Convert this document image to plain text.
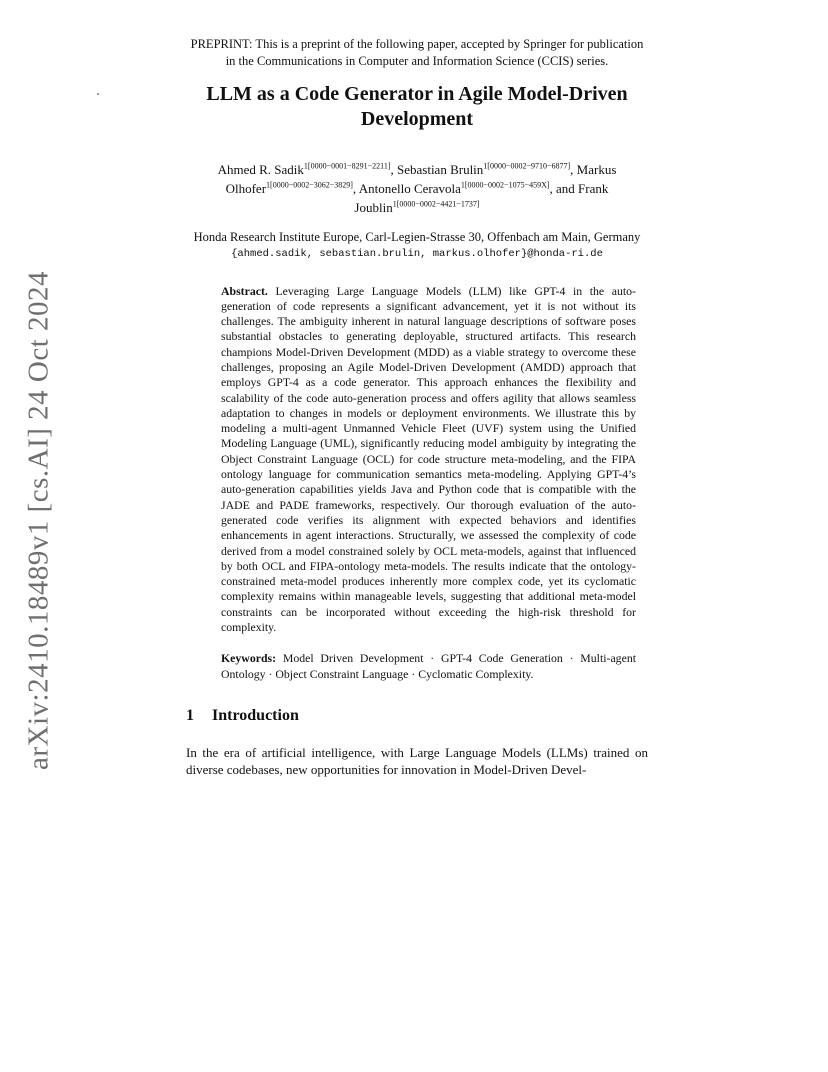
arXiv:2410.18489v1 [cs.AI] 24 Oct 2024

PREPRINT: This is a preprint of the following paper, accepted by Springer for publication in the Communications in Computer and Information Science (CCIS) series.

LLM as a Code Generator in Agile Model-Driven
Development

Ahmed R. Sadik$^{1[0000-0001-8291-2211]}$, Sebastian Brulin$^{1[0000-0002-9710-6877]}$, Markus Olhofer$^{1[0000-0002-3062-3829]}$, Antonello Ceravola$^{1[0000-0002-1075-459X]}$, and Frank Joublin$^{1[0000-0002-4421-1737]}$

Honda Research Institute Europe, Carl-Legien-Strasse 30, Offenbach am Main, Germany

{ahmed.sadik, sebastian.brulin, markus.olhofer}@honda-ri.de

Abstract. Leveraging Large Language Models (LLM) like GPT-4 in the auto-generation of code represents a significant advancement, yet it is not without its challenges. The ambiguity inherent in natural language descriptions of software poses substantial obstacles to generating deployable, structured artifacts. This research champions Model-Driven Development (MDD) as a viable strategy to overcome these challenges, proposing an Agile Model-Driven Development (AMDD) approach that employs GPT-4 as a code generator. This approach enhances the flexibility and scalability of the code auto-generation process and offers agility that allows seamless adaptation to changes in models or deployment environments. We illustrate this by modeling a multi-agent Unmanned Vehicle Fleet (UVF) system using the Unified Modeling Language (UML), significantly reducing model ambiguity by integrating the Object Constraint Language (OCL) for code structure meta-modeling, and the FIPA ontology language for communication semantics meta-modeling. Applying GPT-4’s auto-generation capabilities yields Java and Python code that is compatible with the JADE and PADE frameworks, respectively. Our thorough evaluation of the auto-generated code verifies its alignment with expected behaviors and identifies enhancements in agent interactions. Structurally, we assessed the complexity of code derived from a model constrained solely by OCL meta-models, against that influenced by both OCL and FIPA-ontology meta-models. The results indicate that the ontology-constrained meta-model produces inherently more complex code, yet its cyclomatic complexity remains within manageable levels, suggesting that additional meta-model constraints can be incorporated without exceeding the high-risk threshold for complexity.

Keywords: Model Driven Development · GPT-4 Code Generation · Multi-agent Ontology · Object Constraint Language · Cyclomatic Complexity.

1 Introduction

In the era of artificial intelligence, with Large Language Models (LLMs) trained on diverse codebases, new opportunities for innovation in Model-Driven Devel-
